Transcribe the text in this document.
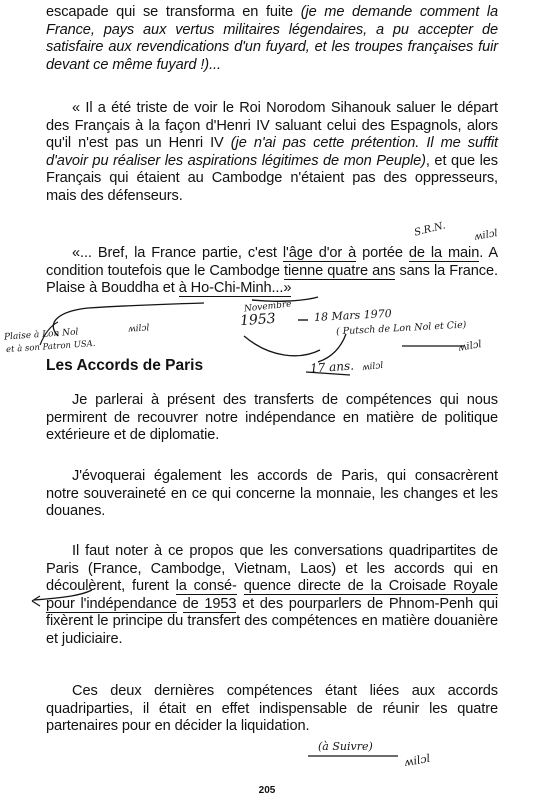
escapade qui se transforma en fuite (je me demande comment la France, pays aux vertus militaires légendaires, a pu accepter de satisfaire aux revendications d'un fuyard, et les troupes françaises fuir devant ce même fuyard !)...

« Il a été triste de voir le Roi Norodom Sihanouk saluer le départ des Français à la façon d'Henri IV saluant celui des Espagnols, alors qu'il n'est pas un Henri IV (je n'ai pas cette prétention. Il me suffit d'avoir pu réaliser les aspirations légitimes de mon Peuple), et que les Français qui étaient au Cambodge n'étaient pas des oppresseurs, mais des défenseurs.

«... Bref, la France partie, c'est l'âge d'or à portée de la main. A condition toutefois que le Cambodge tienne quatre ans sans la France. Plaise à Bouddha et à Ho-Chi-Minh...»

Les Accords de Paris

Je parlerai à présent des transferts de compétences qui nous permirent de recouvrer notre indépendance en matière de politique extérieure et de diplomatie.

J'évoquerai également les accords de Paris, qui consacrèrent notre souveraineté en ce qui concerne la monnaie, les changes et les douanes.

Il faut noter à ce propos que les conversations quadripartites de Paris (France, Cambodge, Vietnam, Laos) et les accords qui en découlèrent, furent la consé- quence directe de la Croisade Royale pour l'indépendance de 1953 et des pourparlers de Phnom-Penh qui fixèrent le principe du transfert des compétences en matière douanière et judiciaire.

Ces deux dernières compétences étant liées aux accords quadriparties, il était en effet indispensable de réunir les quatre partenaires pour en décider la liquidation.

S.R.N.	ʍilɔl
Novembre
1953	18 Mars 1970
( Putsch de Lon Nol et Cie)
Plaise à Lon Nol
et à son Patron USA.
ʍilɔl
ʍilɔl
17 ans. ʍilɔl
(à Suivre)
ʍilɔl
205
